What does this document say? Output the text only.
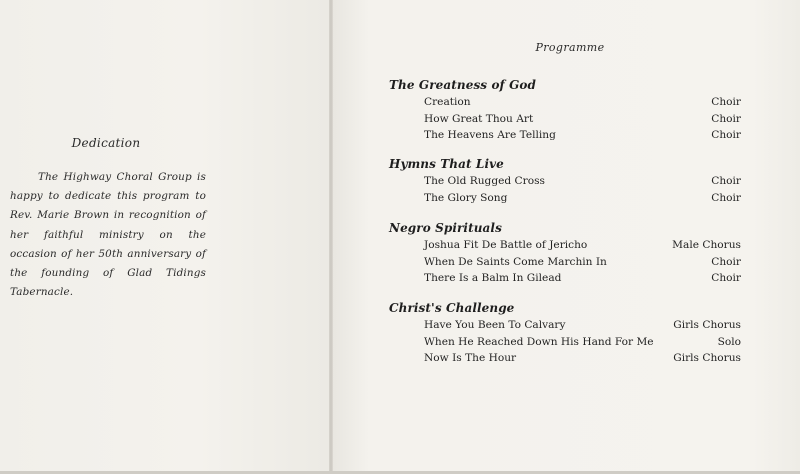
Dedication
The Highway Choral Group is happy to dedicate this program to Rev. Marie Brown in recognition of her faithful ministry on the occasion of her 50th anniversary of the founding of Glad Tidings Tabernacle.
Programme
The Greatness of God
Creation	Choir
How Great Thou Art	Choir
The Heavens Are Telling	Choir
Hymns That Live
The Old Rugged Cross	Choir
The Glory Song	Choir
Negro Spirituals
Joshua Fit De Battle of Jericho	Male Chorus
When De Saints Come Marchin In	Choir
There Is a Balm In Gilead	Choir
Christ's Challenge
Have You Been To Calvary	Girls Chorus
When He Reached Down His Hand For Me	Solo
Now Is The Hour	Girls Chorus
